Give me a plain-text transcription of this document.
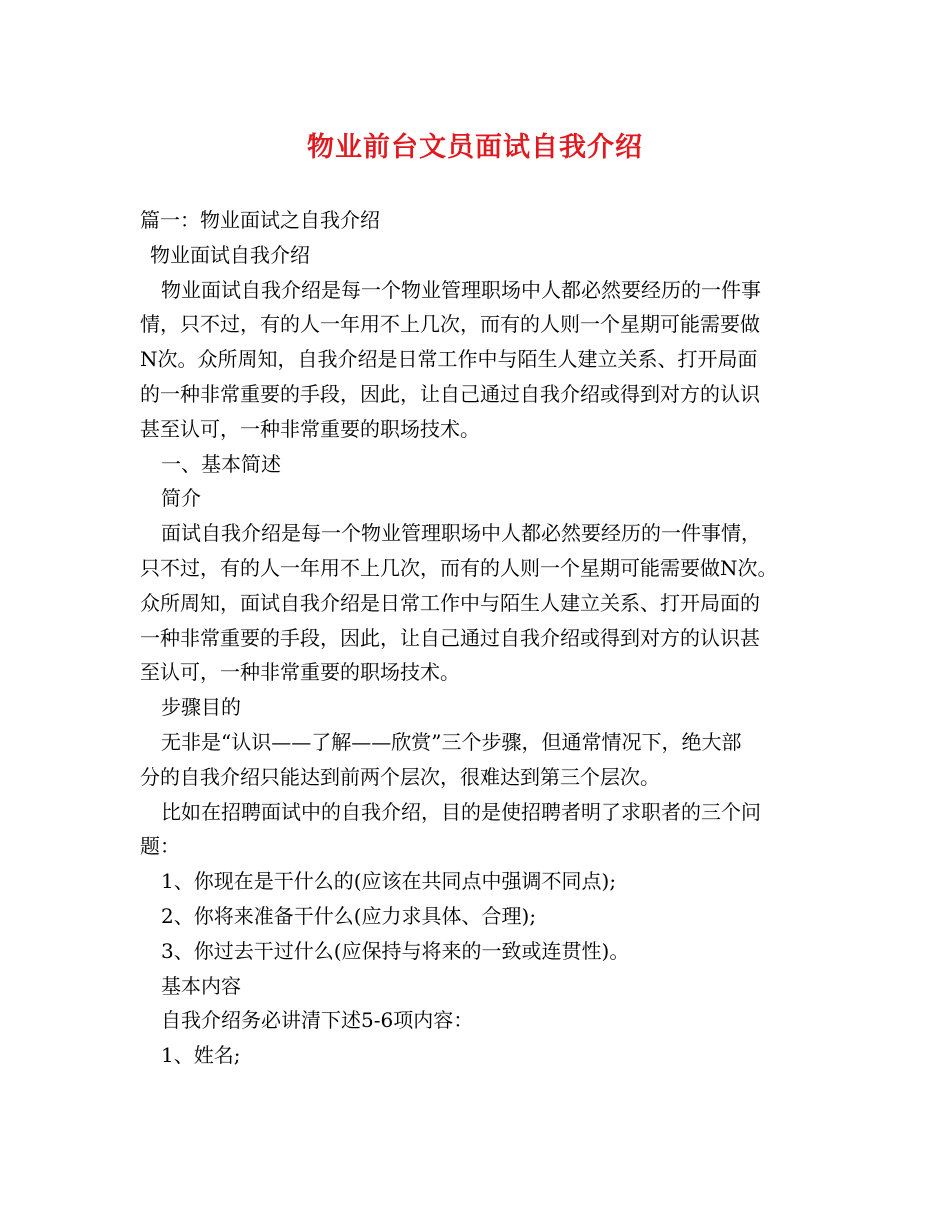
物业前台文员面试自我介绍

篇一：物业面试之自我介绍

物业面试自我介绍

物业面试自我介绍是每一个物业管理职场中人都必然要经历的一件事

情，只不过，有的人一年用不上几次，而有的人则一个星期可能需要做

N次。众所周知，自我介绍是日常工作中与陌生人建立关系、打开局面

的一种非常重要的手段，因此，让自己通过自我介绍或得到对方的认识

甚至认可，一种非常重要的职场技术。

一、基本简述

简介

面试自我介绍是每一个物业管理职场中人都必然要经历的一件事情，

只不过，有的人一年用不上几次，而有的人则一个星期可能需要做N次。

众所周知，面试自我介绍是日常工作中与陌生人建立关系、打开局面的

一种非常重要的手段，因此，让自己通过自我介绍或得到对方的认识甚

至认可，一种非常重要的职场技术。

步骤目的

无非是“认识——了解——欣赏”三个步骤，但通常情况下，绝大部

分的自我介绍只能达到前两个层次，很难达到第三个层次。

比如在招聘面试中的自我介绍，目的是使招聘者明了求职者的三个问

题：

1、你现在是干什么的(应该在共同点中强调不同点);

2、你将来准备干什么(应力求具体、合理);

3、你过去干过什么(应保持与将来的一致或连贯性)。

基本内容

自我介绍务必讲清下述5-6项内容：

1、姓名;
